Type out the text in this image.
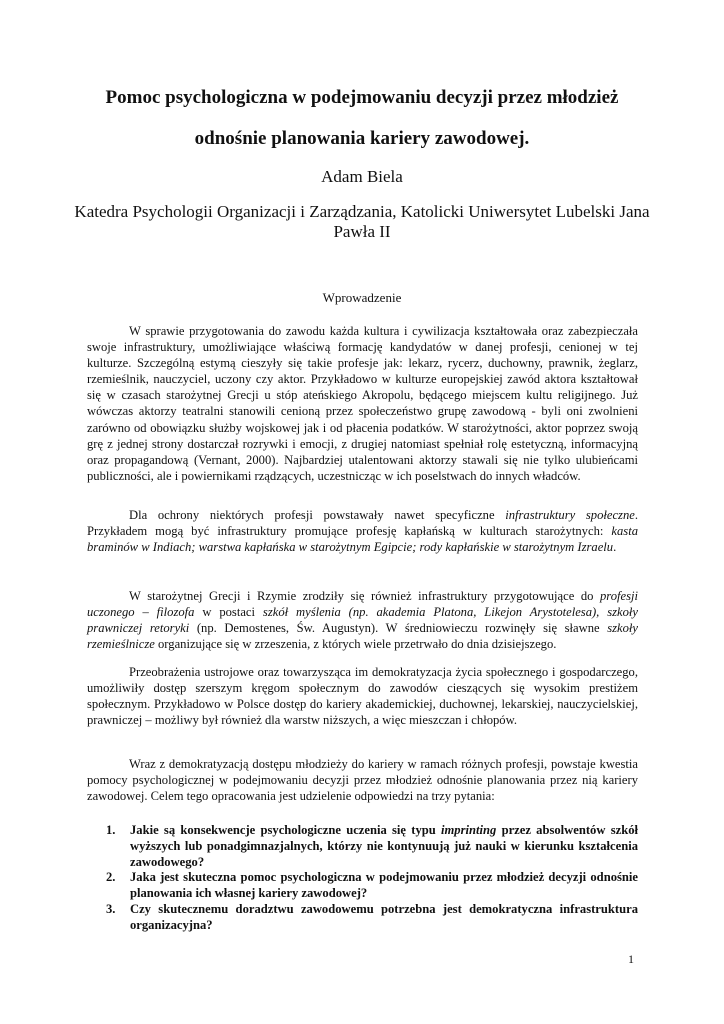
Pomoc psychologiczna w podejmowaniu decyzji przez młodzież
odnośnie planowania kariery zawodowej.

Adam Biela

Katedra Psychologii Organizacji i Zarządzania, Katolicki Uniwersytet Lubelski Jana Pawła II

Wprowadzenie

W sprawie przygotowania do zawodu każda kultura i cywilizacja kształtowała oraz zabezpieczała swoje infrastruktury, umożliwiające właściwą formację kandydatów w danej profesji, cenionej w tej kulturze. Szczególną estymą cieszyły się takie profesje jak: lekarz, rycerz, duchowny, prawnik, żeglarz, rzemieślnik, nauczyciel, uczony czy aktor. Przykładowo w kulturze europejskiej zawód aktora kształtował się w czasach starożytnej Grecji u stóp ateńskiego Akropolu, będącego miejscem kultu religijnego. Już wówczas aktorzy teatralni stanowili cenioną przez społeczeństwo grupę zawodową - byli oni zwolnieni zarówno od obowiązku służby wojskowej jak i od płacenia podatków. W starożytności, aktor poprzez swoją grę z jednej strony dostarczał rozrywki i emocji, z drugiej natomiast spełniał rolę estetyczną, informacyjną oraz propagandową (Vernant, 2000). Najbardziej utalentowani aktorzy stawali się nie tylko ulubieńcami publiczności, ale i powiernikami rządzących, uczestnicząc w ich poselstwach do innych władców.

Dla ochrony niektórych profesji powstawały nawet specyficzne infrastruktury społeczne. Przykładem mogą być infrastruktury promujące profesję kapłańską w kulturach starożytnych: kasta braminów w Indiach; warstwa kapłańska w starożytnym Egipcie; rody kapłańskie w starożytnym Izraelu.

W starożytnej Grecji i Rzymie zrodziły się również infrastruktury przygotowujące do profesji uczonego – filozofa w postaci szkół myślenia (np. akademia Platona, Likejon Arystotelesa), szkoły prawniczej retoryki (np. Demostenes, Św. Augustyn). W średniowieczu rozwinęły się sławne szkoły rzemieślnicze organizujące się w zrzeszenia, z których wiele przetrwało do dnia dzisiejszego.

Przeobrażenia ustrojowe oraz towarzysząca im demokratyzacja życia społecznego i gospodarczego, umożliwiły dostęp szerszym kręgom społecznym do zawodów cieszących się wysokim prestiżem społecznym. Przykładowo w Polsce dostęp do kariery akademickiej, duchownej, lekarskiej, nauczycielskiej, prawniczej – możliwy był również dla warstw niższych, a więc mieszczan i chłopów.

Wraz z demokratyzacją dostępu młodzieży do kariery w ramach różnych profesji, powstaje kwestia pomocy psychologicznej w podejmowaniu decyzji przez młodzież odnośnie planowania przez nią kariery zawodowej. Celem tego opracowania jest udzielenie odpowiedzi na trzy pytania:

1. Jakie są konsekwencje psychologiczne uczenia się typu imprinting przez absolwentów szkół wyższych lub ponadgimnazjalnych, którzy nie kontynuują już nauki w kierunku kształcenia zawodowego?
2. Jaka jest skuteczna pomoc psychologiczna w podejmowaniu przez młodzież decyzji odnośnie planowania ich własnej kariery zawodowej?
3. Czy skutecznemu doradztwu zawodowemu potrzebna jest demokratyczna infrastruktura organizacyjna?

1
